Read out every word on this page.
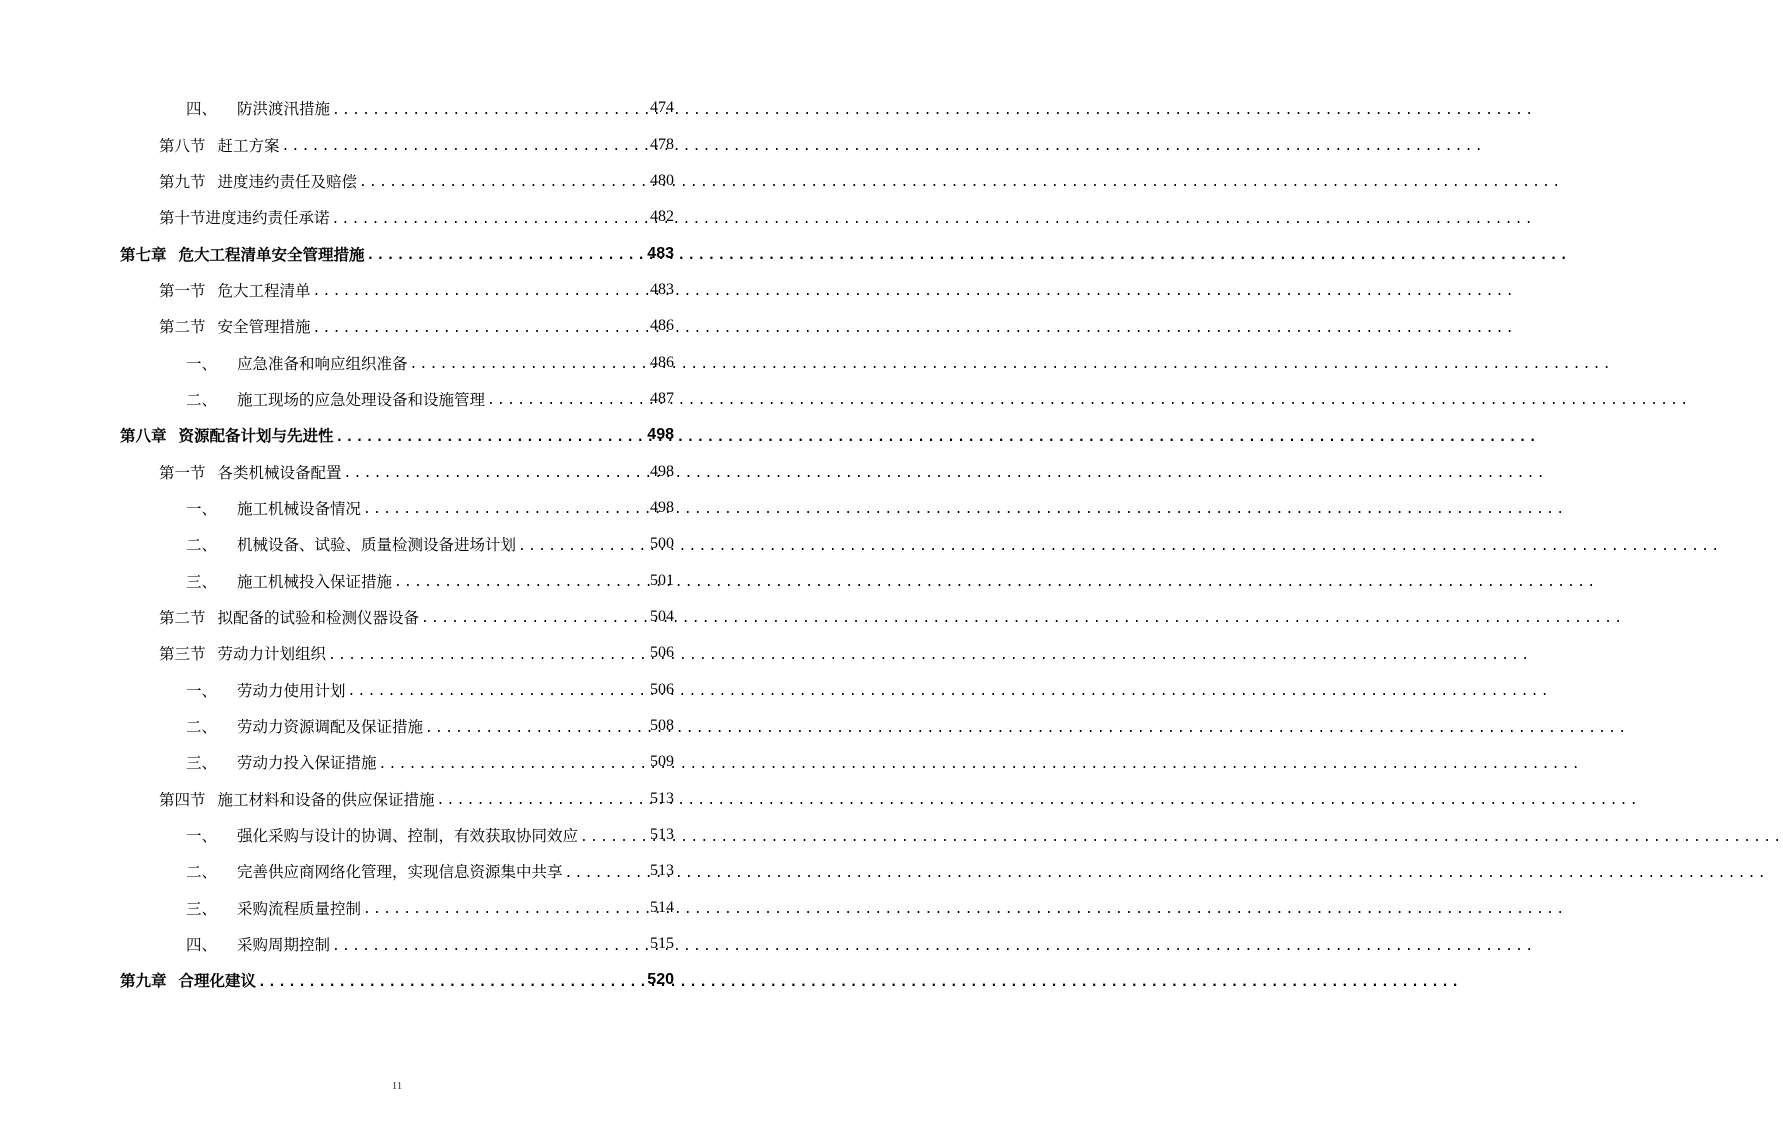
四、 防洪渡汛措施 .....	474
第八节 赶工方案 .....	478
第九节 进度违约责任及赔偿 .....	480
第十节进度违约责任承诺 .....	482
第七章 危大工程清单安全管理措施 .....	483
第一节 危大工程清单 .....	483
第二节 安全管理措施 .....	486
一、 应急准备和响应组织准备 .....	486
二、 施工现场的应急处理设备和设施管理 .....	487
第八章 资源配备计划与先进性 .....	498
第一节 各类机械设备配置 .....	498
一、 施工机械设备情况 .....	498
二、 机械设备、试验、质量检测设备进场计划 .....	500
三、 施工机械投入保证措施 .....	501
第二节 拟配备的试验和检测仪器设备 .....	504
第三节 劳动力计划组织 .....	506
一、 劳动力使用计划 .....	506
二、 劳动力资源调配及保证措施 .....	508
三、 劳动力投入保证措施 .....	509
第四节 施工材料和设备的供应保证措施 .....	513
一、 强化采购与设计的协调、控制，有效获取协同效应 .....	513
二、 完善供应商网络化管理，实现信息资源集中共享 .....	513
三、 采购流程质量控制 .....	514
四、 采购周期控制 .....	515
第九章 合理化建议 .....	520
11
